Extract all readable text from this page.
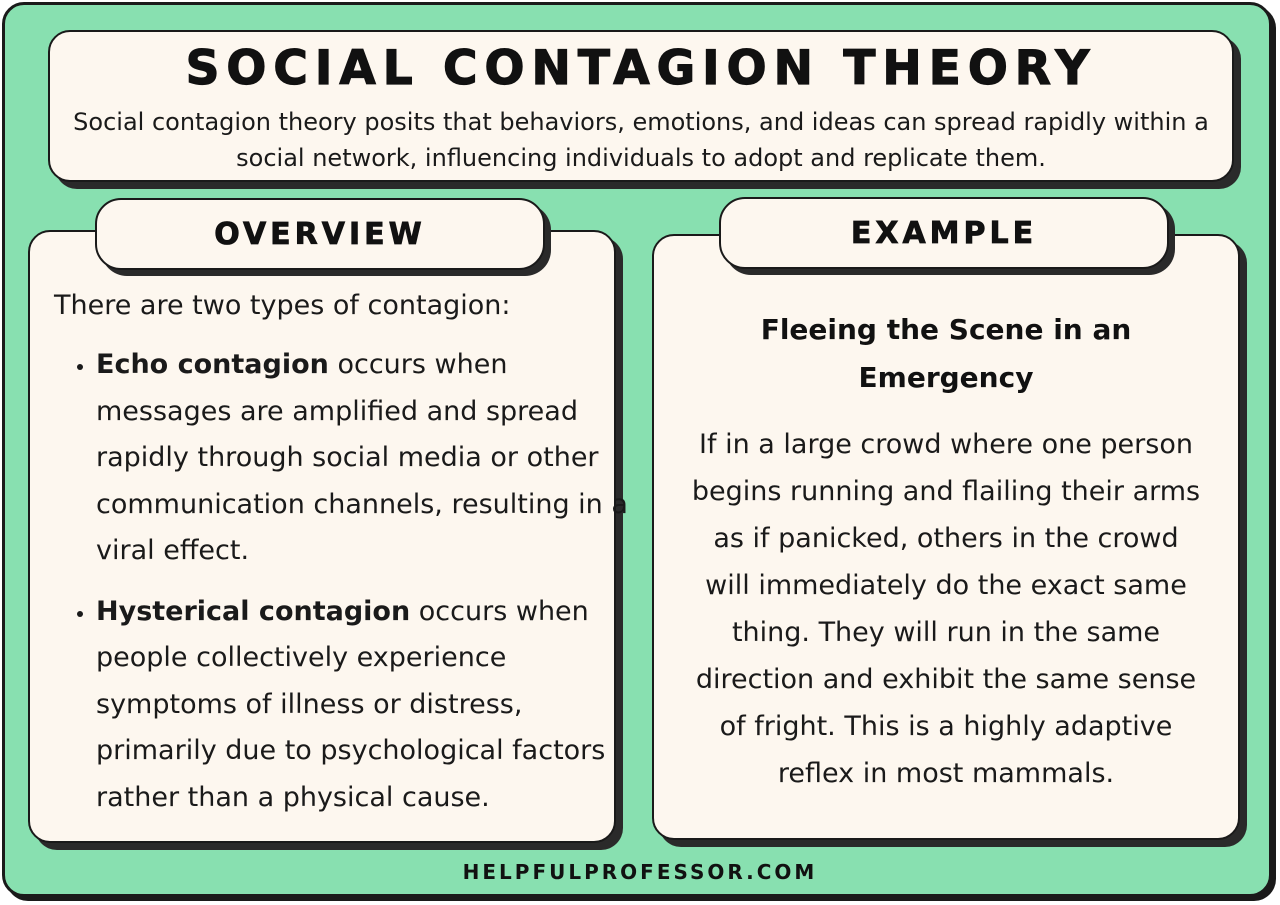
SOCIAL CONTAGION THEORY
Social contagion theory posits that behaviors, emotions, and ideas can spread rapidly within a social network, influencing individuals to adopt and replicate them.
There are two types of contagion:
• Echo contagion occurs when messages are amplified and spread rapidly through social media or other communication channels, resulting in a viral effect.
• Hysterical contagion occurs when people collectively experience symptoms of illness or distress, primarily due to psychological factors rather than a physical cause.
Fleeing the Scene in an Emergency
If in a large crowd where one person begins running and flailing their arms as if panicked, others in the crowd will immediately do the exact same thing. They will run in the same direction and exhibit the same sense of fright. This is a highly adaptive reflex in most mammals.
OVERVIEW	EXAMPLE
HELPFULPROFESSOR.COM
